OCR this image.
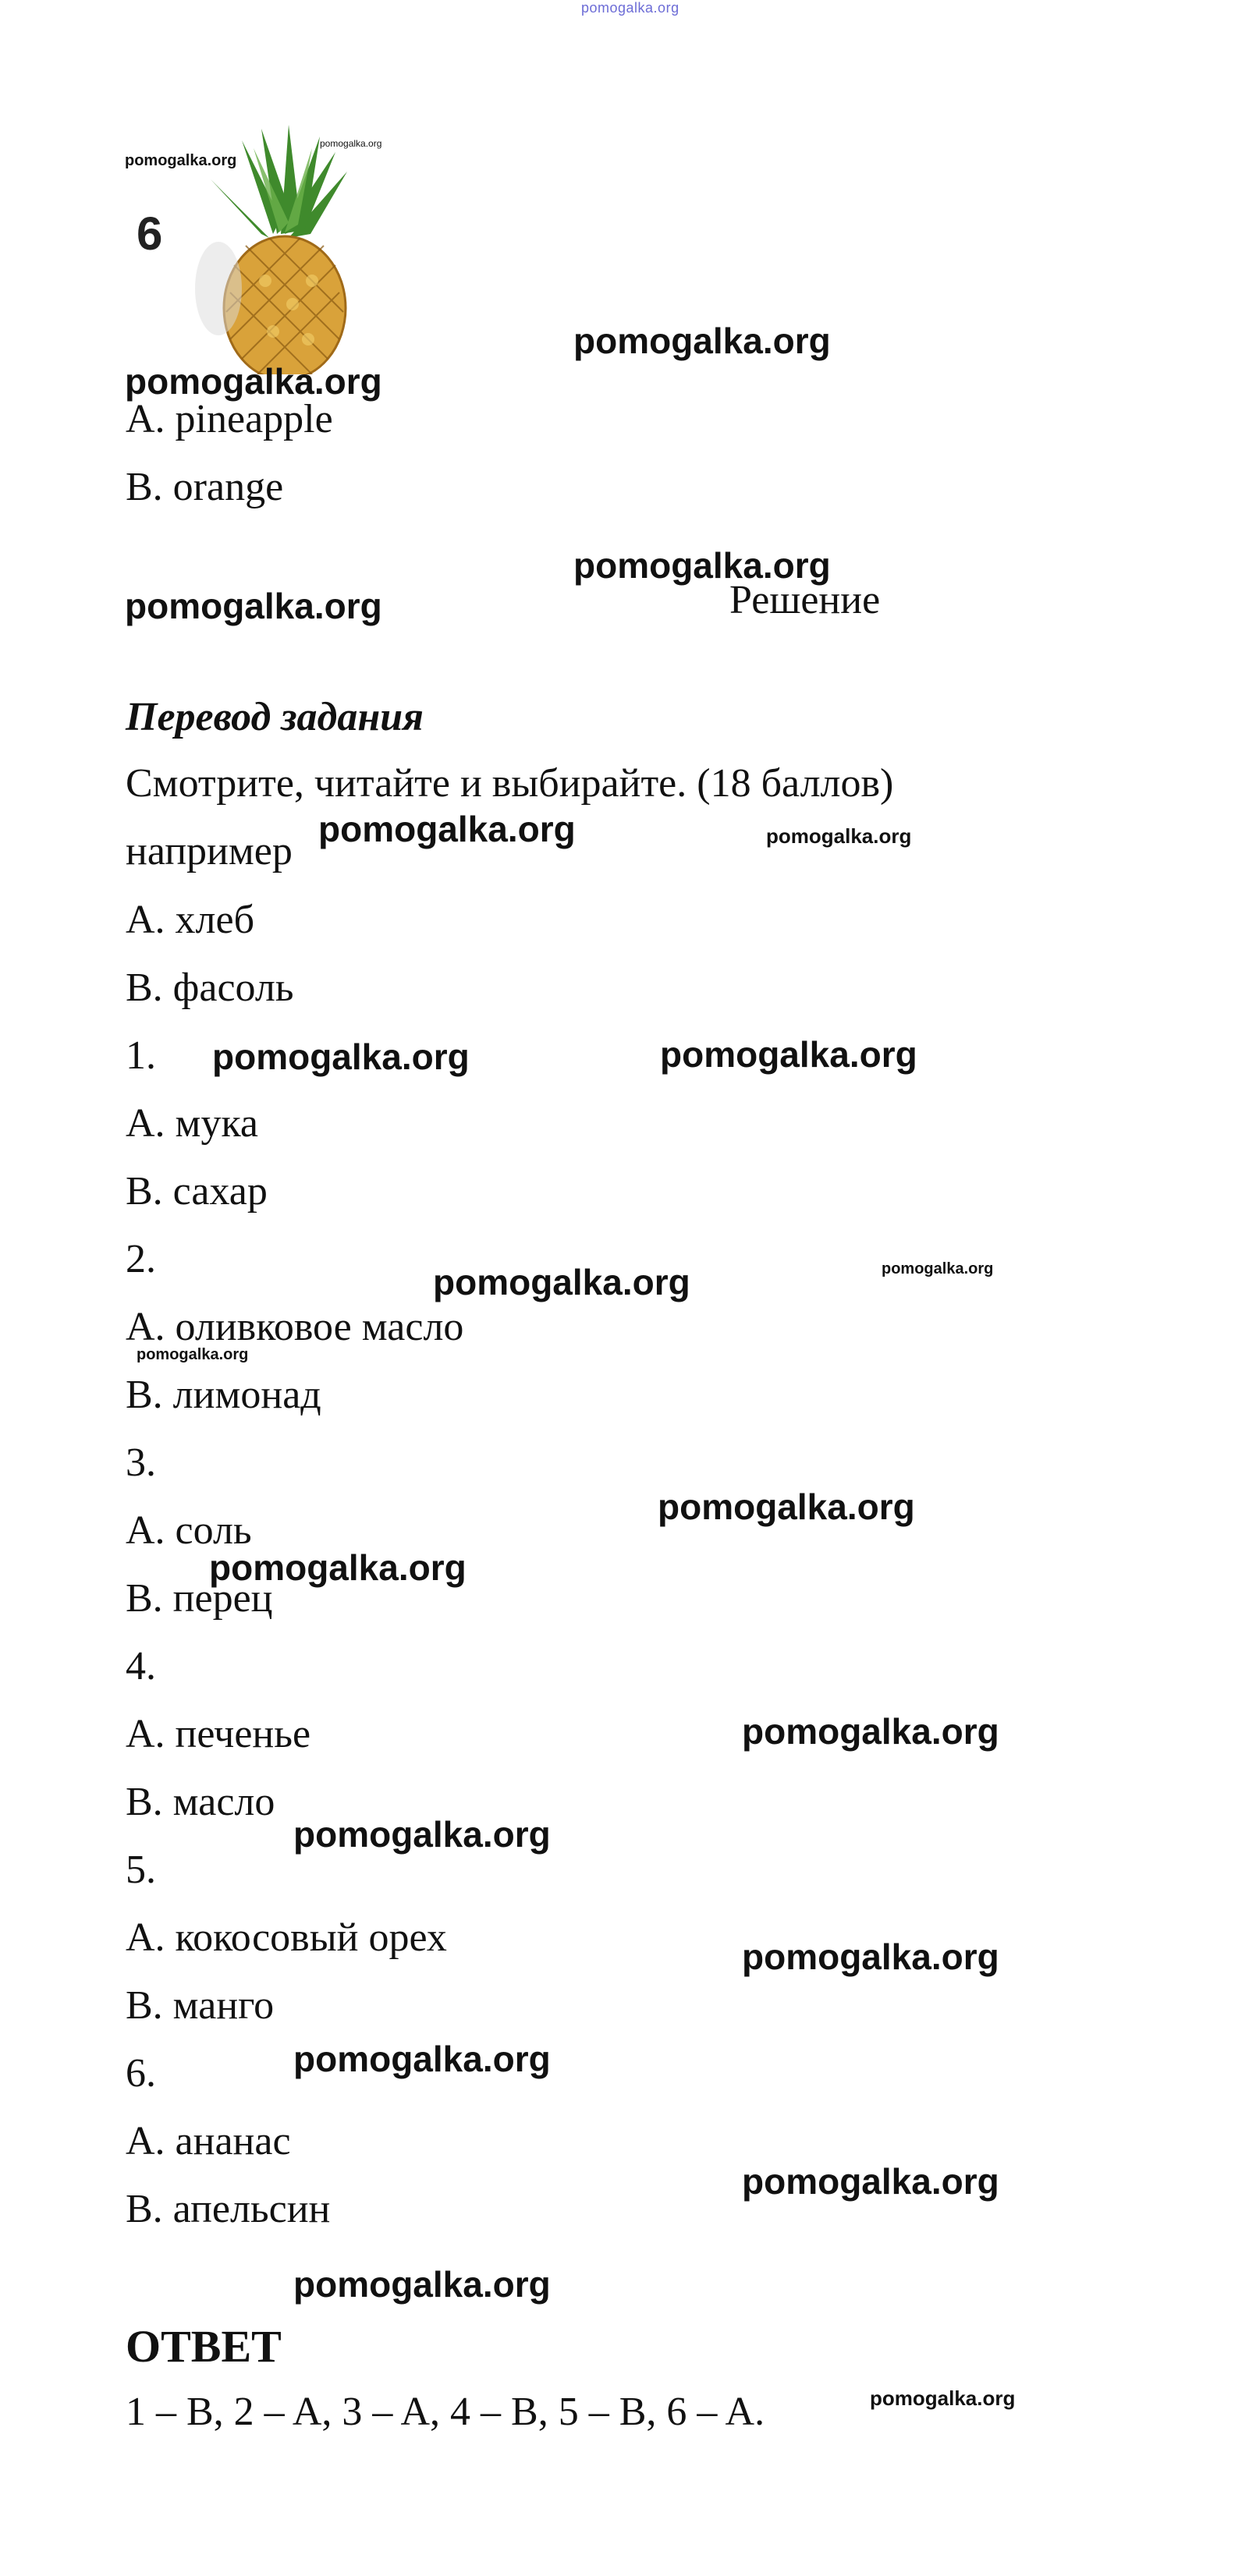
pomogalka.org
6
A. pineapple
B. orange
Решение
Перевод задания
Смотрите, читайте и выбирайте. (18 баллов)
например
А. хлеб
В. фасоль
1.
А. мука
В. сахар
2.
А. оливковое масло
В. лимонад
3.
А. соль
В. перец
4.
А. печенье
В. масло
5.
А. кокосовый орех
В. манго
6.
А. ананас
В. апельсин
ОТВЕТ
1 – B, 2 – A, 3 – A, 4 – B, 5 – B, 6 – A.
pomogalka.org
pomogalka.org
pomogalka.org
pomogalka.org
pomogalka.org
pomogalka.org
pomogalka.org	pomogalka.org
pomogalka.org	pomogalka.org
pomogalka.org	pomogalka.org
pomogalka.org
pomogalka.org
pomogalka.org
pomogalka.org
pomogalka.org
pomogalka.org
pomogalka.org
pomogalka.org
pomogalka.org
pomogalka.org
